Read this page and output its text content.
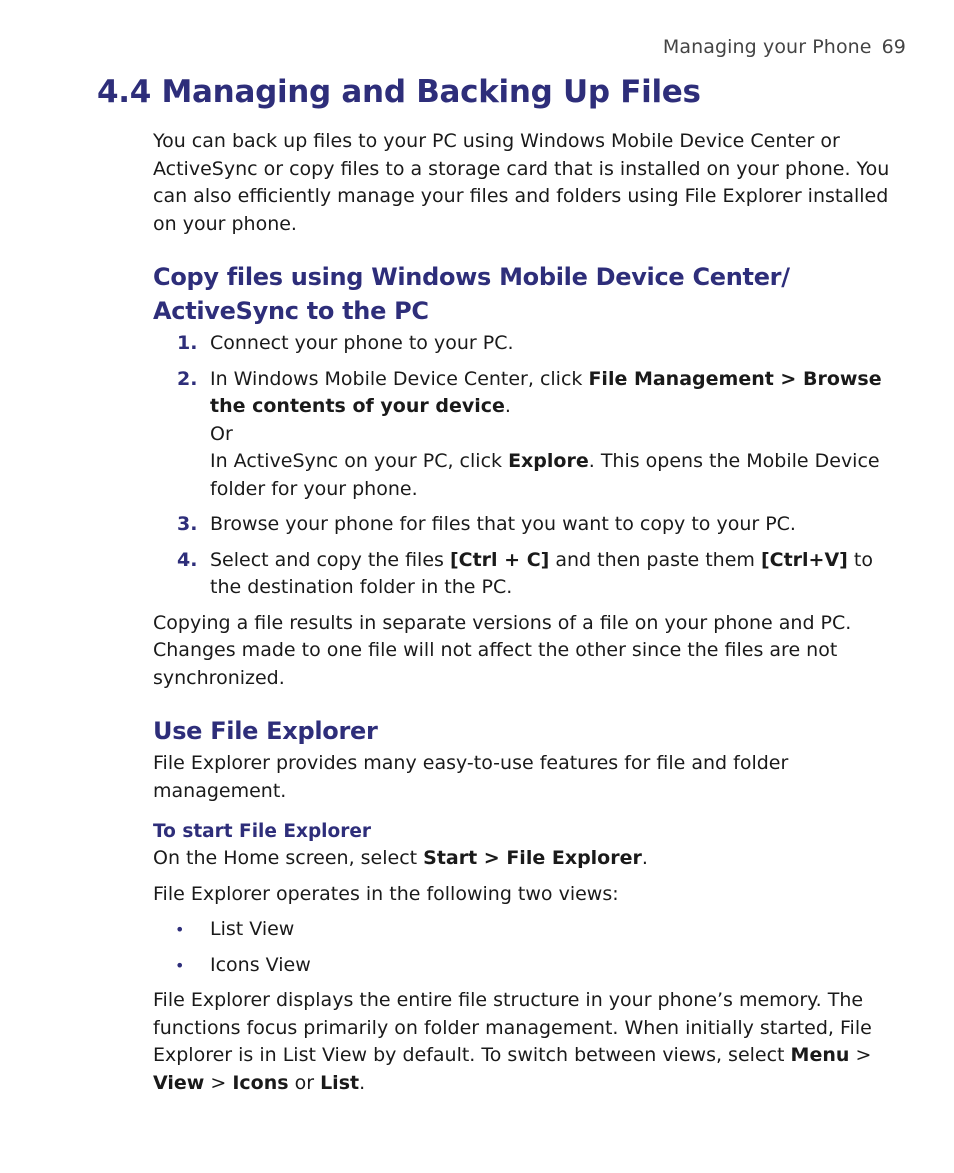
Managing your Phone 69
4.4 Managing and Backing Up Files

You can back up files to your PC using Windows Mobile Device Center or ActiveSync or copy files to a storage card that is installed on your phone. You can also efficiently manage your files and folders using File Explorer installed on your phone.

Copy files using Windows Mobile Device Center/
ActiveSync to the PC
1. Connect your phone to your PC.
2. In Windows Mobile Device Center, click File Management > Browse the contents of your device.
Or
In ActiveSync on your PC, click Explore. This opens the Mobile Device folder for your phone.
3. Browse your phone for files that you want to copy to your PC.
4. Select and copy the files [Ctrl + C] and then paste them [Ctrl+V] to the destination folder in the PC.

Copying a file results in separate versions of a file on your phone and PC. Changes made to one file will not affect the other since the files are not synchronized.

Use File Explorer

File Explorer provides many easy-to-use features for file and folder management.

To start File Explorer

On the Home screen, select Start > File Explorer.

File Explorer operates in the following two views:

• List View
• Icons View

File Explorer displays the entire file structure in your phone’s memory. The functions focus primarily on folder management. When initially started, File Explorer is in List View by default. To switch between views, select Menu > View > Icons or List.
